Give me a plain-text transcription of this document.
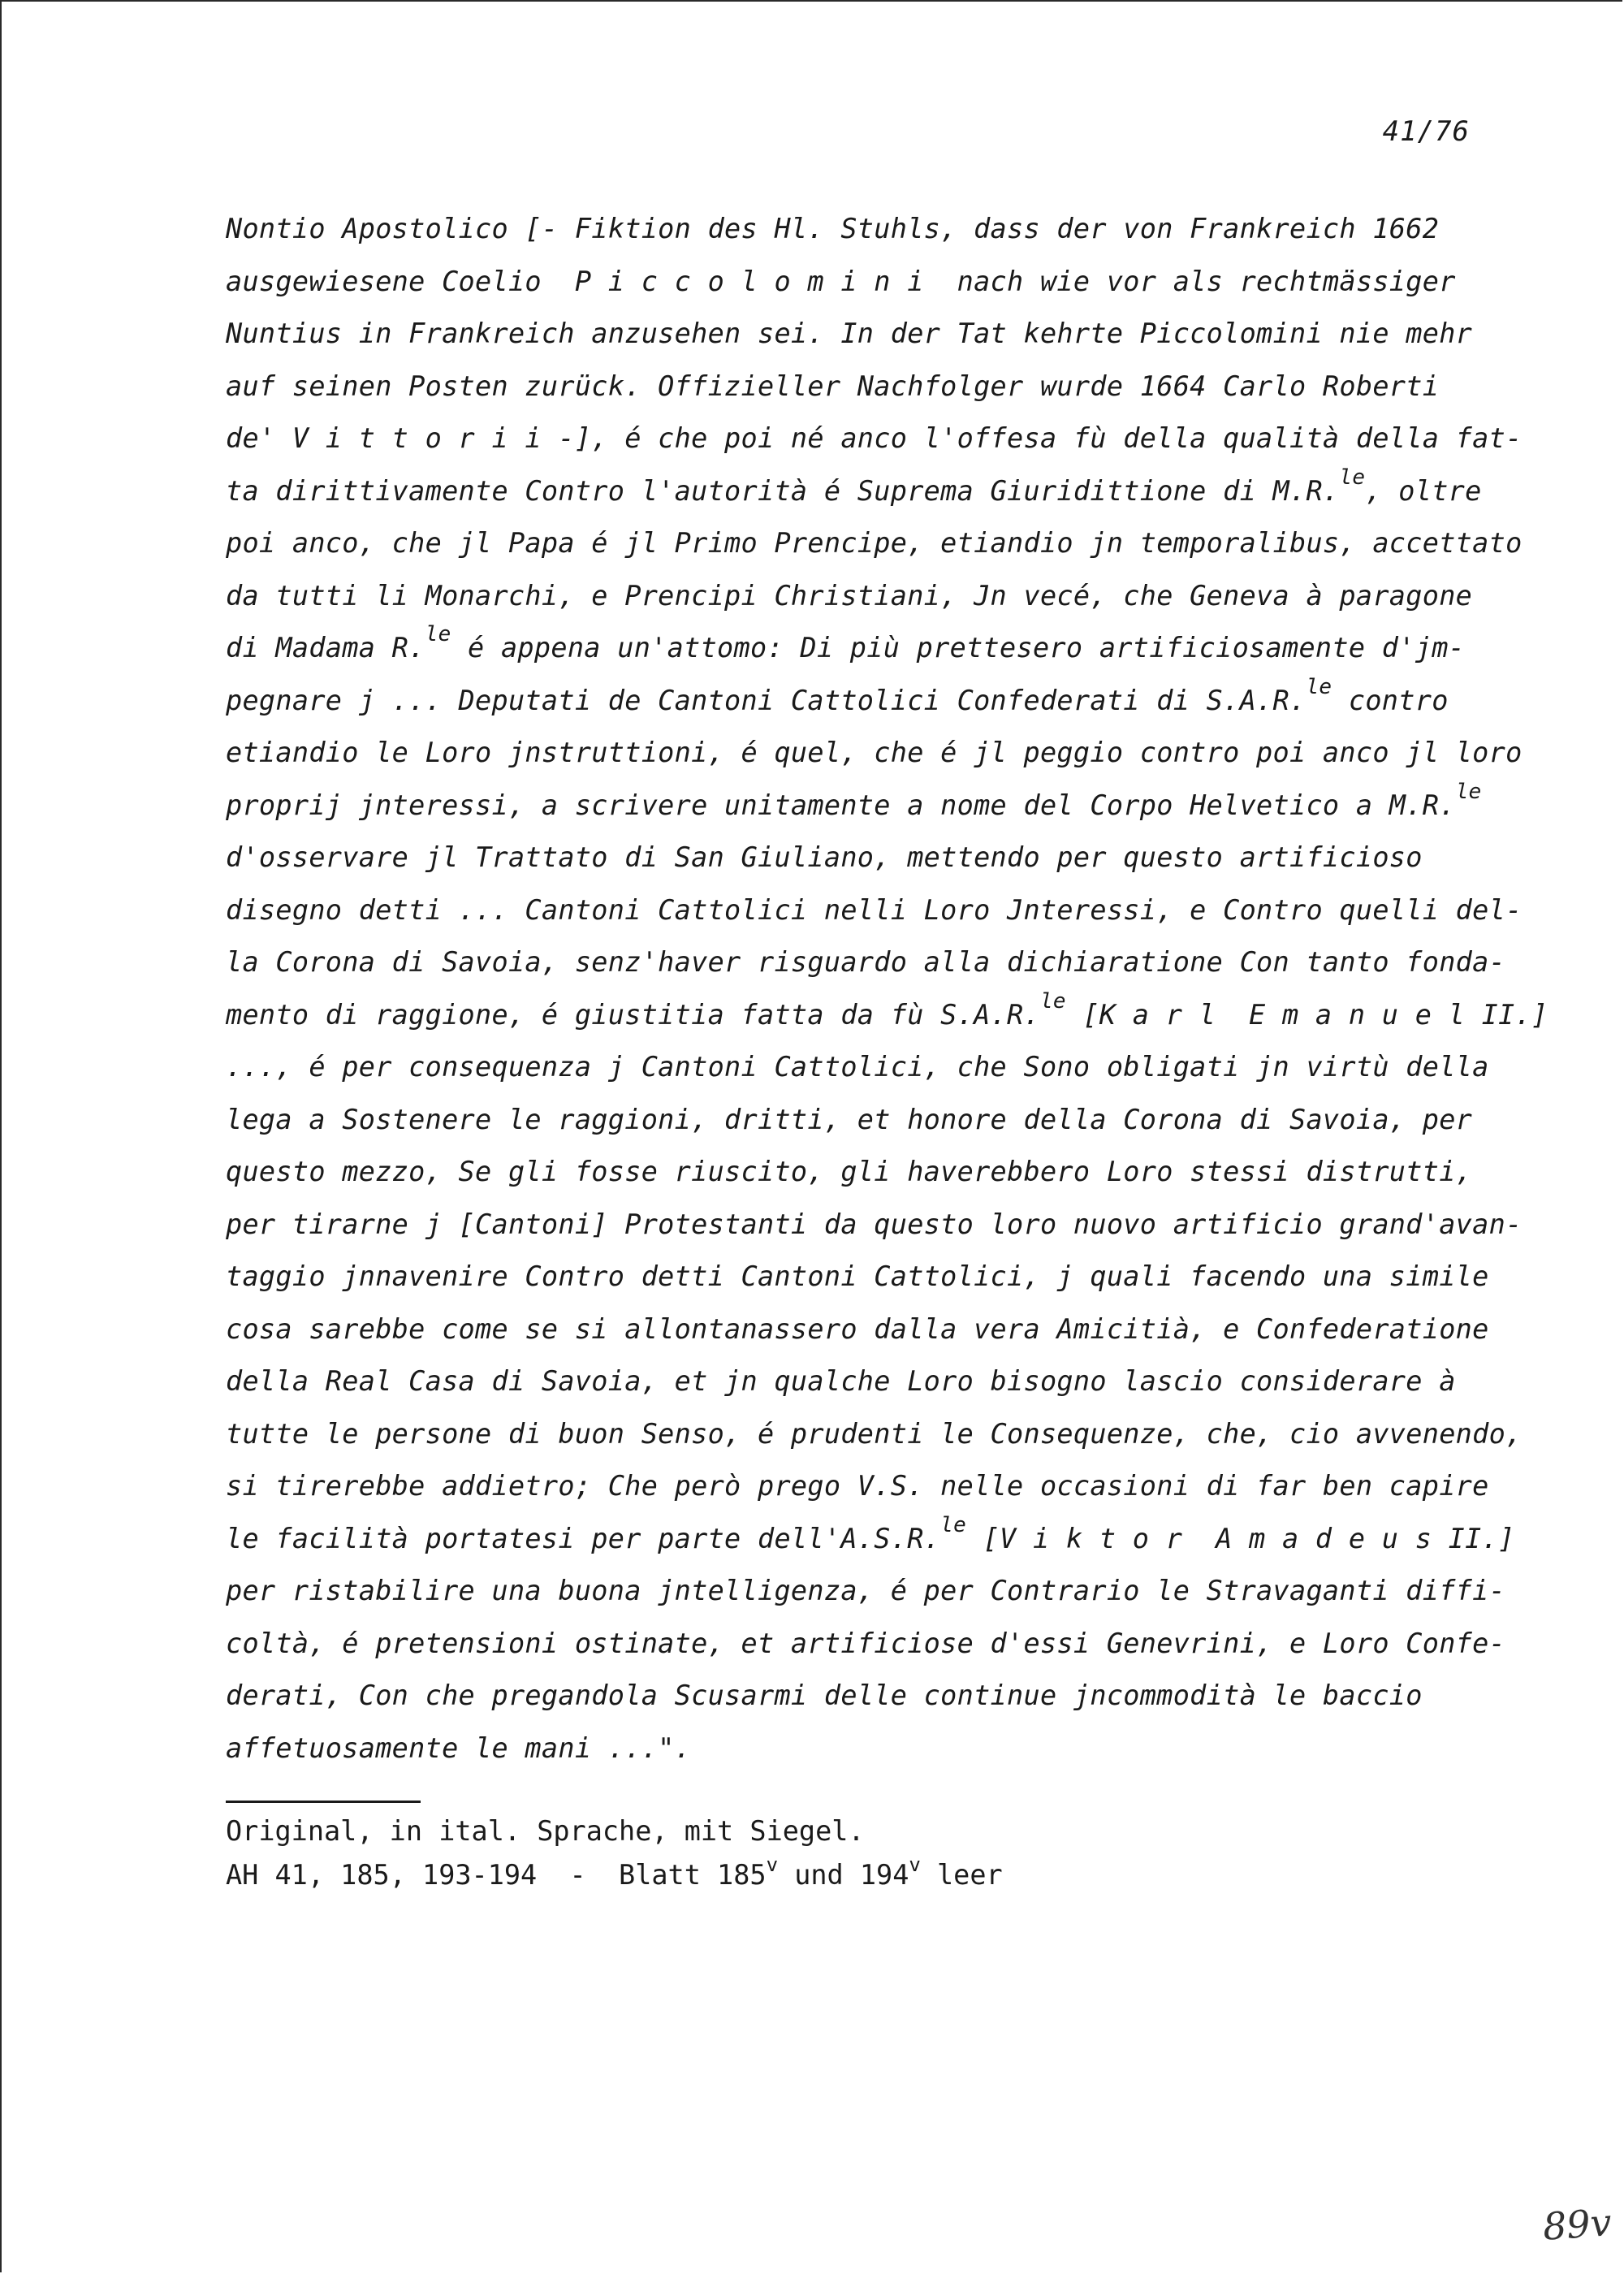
41/76
Nontio Apostolico [- Fiktion des Hl. Stuhls, dass der von Frankreich 1662
ausgewiesene Coelio  P i c c o l o m i n i  nach wie vor als rechtmässiger
Nuntius in Frankreich anzusehen sei. In der Tat kehrte Piccolomini nie mehr
auf seinen Posten zurück. Offizieller Nachfolger wurde 1664 Carlo Roberti
de' V i t t o r i i -], é che poi né anco l'offesa fù della qualità della fat-
ta dirittivamente Contro l'autorità é Suprema Giuridittione di M.R.$^{le}$, oltre
poi anco, che jl Papa é jl Primo Prencipe, etiandio jn temporalibus, accettato
da tutti li Monarchi, e Prencipi Christiani, Jn vecé, che Geneva à paragone
di Madama R.$^{le}$ é appena un'attomo: Di più prettesero artificiosamente d'jm-
pegnare j ... Deputati de Cantoni Cattolici Confederati di S.A.R.$^{le}$ contro
etiandio le Loro jnstruttioni, é quel, che é jl peggio contro poi anco jl loro
proprij jnteressi, a scrivere unitamente a nome del Corpo Helvetico a M.R.$^{le}$
d'osservare jl Trattato di San Giuliano, mettendo per questo artificioso
disegno detti ... Cantoni Cattolici nelli Loro Jnteressi, e Contro quelli del-
la Corona di Savoia, senz'haver risguardo alla dichiaratione Con tanto fonda-
mento di raggione, é giustitia fatta da fù S.A.R.$^{le}$ [K a r l  E m a n u e l II.]
..., é per consequenza j Cantoni Cattolici, che Sono obligati jn virtù della
lega a Sostenere le raggioni, dritti, et honore della Corona di Savoia, per
questo mezzo, Se gli fosse riuscito, gli haverebbero Loro stessi distrutti,
per tirarne j [Cantoni] Protestanti da questo loro nuovo artificio grand'avan-
taggio jnnavenire Contro detti Cantoni Cattolici, j quali facendo una simile
cosa sarebbe come se si allontanassero dalla vera Amicitià, e Confederatione
della Real Casa di Savoia, et jn qualche Loro bisogno lascio considerare à
tutte le persone di buon Senso, é prudenti le Consequenze, che, cio avvenendo,
si tirerebbe addietro; Che però prego V.S. nelle occasioni di far ben capire
le facilità portatesi per parte dell'A.S.R.$^{le}$ [V i k t o r  A m a d e u s II.]
per ristabilire una buona jntelligenza, é per Contrario le Stravaganti diffi-
coltà, é pretensioni ostinate, et artificiose d'essi Genevrini, e Loro Confe-
derati, Con che pregandola Scusarmi delle continue jncommodità le baccio
affetuosamente le mani ...".
Original, in ital. Sprache, mit Siegel.
AH 41, 185, 193-194  -  Blatt 185$^v$ und 194$^v$ leer
89v
